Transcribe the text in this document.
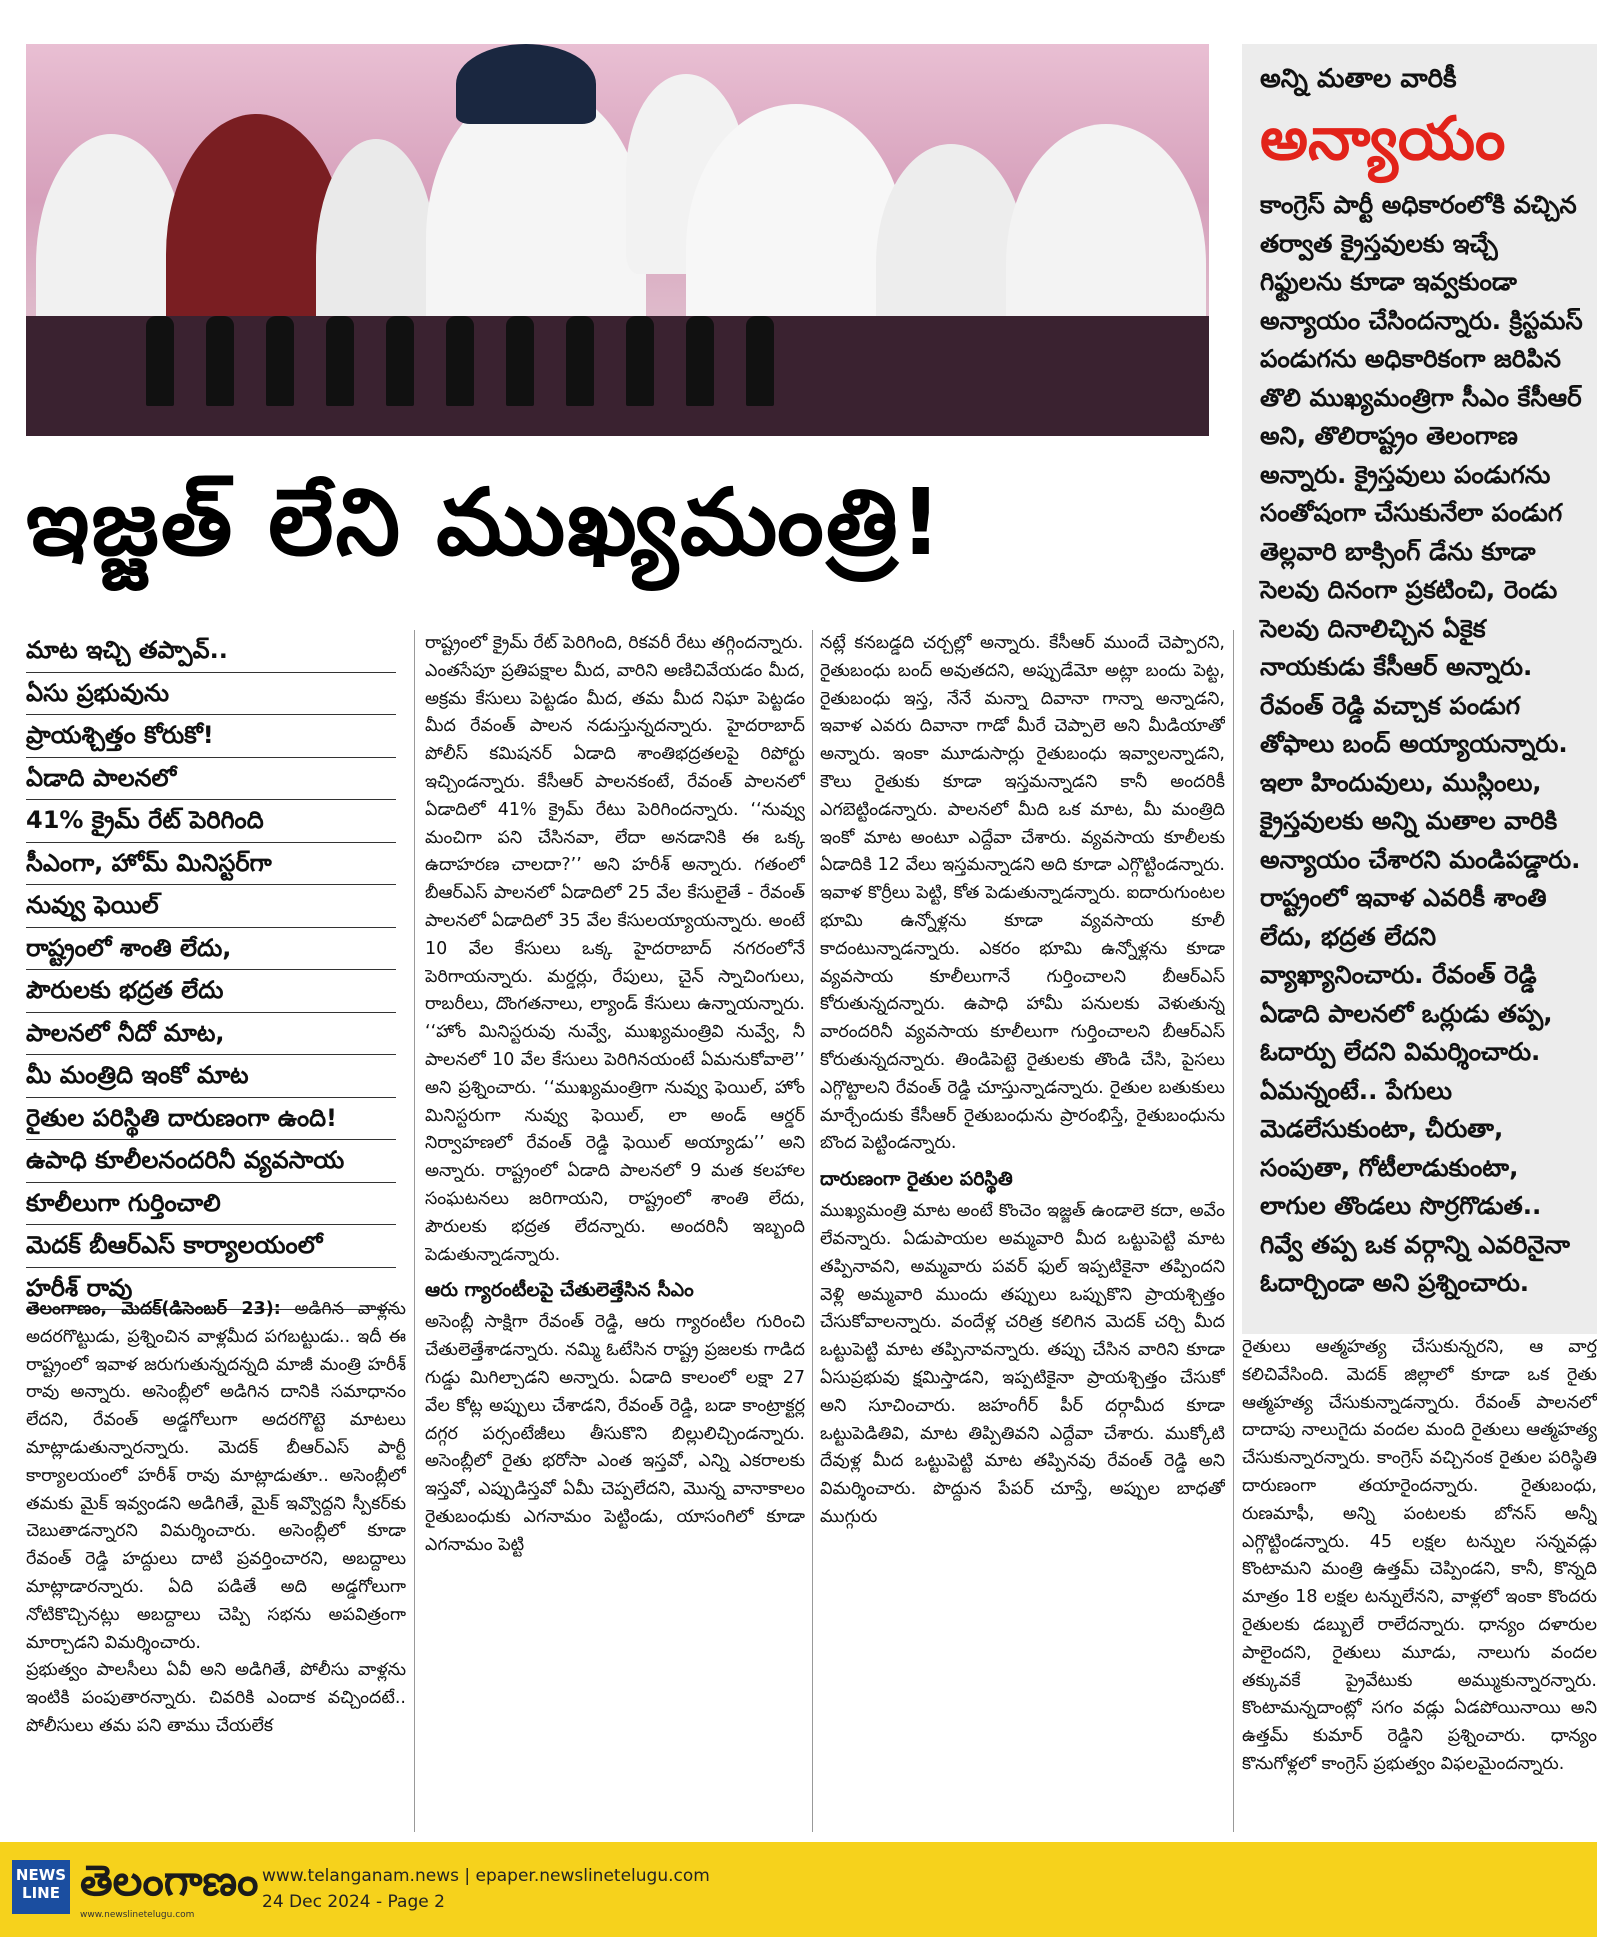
ఇజ్జత్ లేని ముఖ్యమంత్రి!
అన్ని మతాల వారికీ
అన్యాయం
కాంగ్రెస్ పార్టీ అధికారంలోకి వచ్చిన తర్వాత క్రైస్తవులకు ఇచ్చే గిఫ్టులను కూడా ఇవ్వకుండా అన్యాయం చేసిందన్నారు. క్రిస్టమస్ పండుగను అధికారికంగా జరిపిన తొలి ముఖ్యమంత్రిగా సీఎం కేసీఆర్ అని, తొలిరాష్ట్రం తెలంగాణ అన్నారు. క్రైస్తవులు పండుగను సంతోషంగా చేసుకునేలా పండుగ తెల్లవారి బాక్సింగ్ డేను కూడా సెలవు దినంగా ప్రకటించి, రెండు సెలవు దినాలిచ్చిన ఏకైక నాయకుడు కేసీఆర్ అన్నారు. రేవంత్ రెడ్డి వచ్చాక పండుగ తోఫాలు బంద్ అయ్యాయన్నారు. ఇలా హిందువులు, ముస్లింలు, క్రైస్తవులకు అన్ని మతాల వారికి అన్యాయం చేశారని మండిపడ్డారు. రాష్ట్రంలో ఇవాళ ఎవరికీ శాంతి లేదు, భద్రత లేదని వ్యాఖ్యానించారు. రేవంత్ రెడ్డి ఏడాది పాలనలో ఒర్లుడు తప్ప, ఓదార్పు లేదని విమర్శించారు. ఏమన్నంటే.. పేగులు మెడలేసుకుంటా, చీరుతా, సంపుతా, గోటీలాడుకుంటా, లాగుల తొండలు సొర్రగొడుత.. గివ్వే తప్ప ఒక వర్గాన్ని ఎవరినైనా ఓదార్చిండా అని ప్రశ్నించారు.
మాట ఇచ్చి తప్పావ్..
ఏసు ప్రభువును
ప్రాయశ్చిత్తం కోరుకో!
ఏడాది పాలనలో
41% క్రైమ్ రేట్ పెరిగింది
సీఎంగా, హోమ్ మినిస్టర్‌గా
నువ్వు ఫెయిల్
రాష్ట్రంలో శాంతి లేదు,
పౌరులకు భద్రత లేదు
పాలనలో నీదో మాట,
మీ మంత్రిది ఇంకో మాట
రైతుల పరిస్థితి దారుణంగా ఉంది!
ఉపాధి కూలీలనందరినీ వ్యవసాయ
కూలీలుగా గుర్తించాలి
మెదక్ బీఆర్ఎస్ కార్యాలయంలో
హరీశ్ రావు

తెలంగాణం, మెదక్(డిసెంబర్ 23): అడిగిన వాళ్లను అదరగొట్టుడు, ప్రశ్నించిన వాళ్లమీద పగబట్టుడు.. ఇదీ ఈ రాష్ట్రంలో ఇవాళ జరుగుతున్నదన్నది మాజీ మంత్రి హరీశ్ రావు అన్నారు. అసెంబ్లీలో అడిగిన దానికి సమాధానం లేదని, రేవంత్ అడ్డగోలుగా అదరగొట్టె మాటలు మాట్లాడుతున్నారన్నారు. మెదక్ బీఆర్ఎస్ పార్టీ కార్యాలయంలో హరీశ్ రావు మాట్లాడుతూ.. అసెంబ్లీలో తమకు మైక్ ఇవ్వండని అడిగితే, మైక్ ఇవ్వొద్దని స్పీకర్‌కు చెబుతాడన్నారని విమర్శించారు. అసెంబ్లీలో కూడా రేవంత్ రెడ్డి హద్దులు దాటి ప్రవర్తించారని, అబద్దాలు మాట్లాడారన్నారు. ఏది పడితే అది అడ్డగోలుగా నోటికొచ్చినట్లు అబద్దాలు చెప్పి సభను అపవిత్రంగా మార్చాడని విమర్శించారు.

ప్రభుత్వం పాలసీలు ఏవీ అని అడిగితే, పోలీసు వాళ్లను ఇంటికి పంపుతారన్నారు. చివరికి ఎందాక వచ్చిందటే.. పోలీసులు తమ పని తాము చేయలేక

రాష్ట్రంలో క్రైమ్ రేట్ పెరిగింది, రికవరీ రేటు తగ్గిందన్నారు.

ఎంతసేపూ ప్రతిపక్షాల మీద, వారిని అణిచివేయడం మీద, అక్రమ కేసులు పెట్టడం మీద, తమ మీద నిఘా పెట్టడం మీద రేవంత్ పాలన నడుస్తున్నదన్నారు. హైదరాబాద్ పోలీస్ కమిషనర్ ఏడాది శాంతిభద్రతలపై రిపోర్టు ఇచ్చిండన్నారు. కేసీఆర్ పాలనకంటే, రేవంత్ పాలనలో ఏడాదిలో 41% క్రైమ్ రేటు పెరిగిందన్నారు. ‘‘నువ్వు మంచిగా పని చేసినవా, లేదా అనడానికి ఈ ఒక్క ఉదాహరణ చాలదా?’’ అని హరీశ్ అన్నారు. గతంలో బీఆర్ఎస్ పాలనలో ఏడాదిలో 25 వేల కేసులైతే - రేవంత్ పాలనలో ఏడాదిలో 35 వేల కేసులయ్యాయన్నారు. అంటే 10 వేల కేసులు ఒక్క హైదరాబాద్ నగరంలోనే పెరిగాయన్నారు. మర్డర్లు, రేపులు, చైన్ స్నాచింగులు, రాబరీలు, దొంగతనాలు, ల్యాండ్ కేసులు ఉన్నాయన్నారు. ‘‘హోం మినిస్టరువు నువ్వే, ముఖ్యమంత్రివి నువ్వే, నీ పాలనలో 10 వేల కేసులు పెరిగినయంటే ఏమనుకోవాలె’’ అని ప్రశ్నించారు. ‘‘ముఖ్యమంత్రిగా నువ్వు ఫెయిల్, హోం మినిస్టరుగా నువ్వు ఫెయిల్, లా అండ్ ఆర్డర్ నిర్వాహణలో రేవంత్ రెడ్డి ఫెయిల్ అయ్యాడు’’ అని అన్నారు. రాష్ట్రంలో ఏడాది పాలనలో 9 మత కలహాల సంఘటనలు జరిగాయని, రాష్ట్రంలో శాంతి లేదు, పౌరులకు భద్రత లేదన్నారు. అందరినీ ఇబ్బంది పెడుతున్నాడన్నారు.

ఆరు గ్యారంటీలపై చేతులెత్తేసిన సీఎం

అసెంబ్లీ సాక్షిగా రేవంత్ రెడ్డి, ఆరు గ్యారంటీల గురించి చేతులెత్తేశాడన్నారు. నమ్మి ఓటేసిన రాష్ట్ర ప్రజలకు గాడిద గుడ్డు మిగిల్చాడని అన్నారు. ఏడాది కాలంలో లక్షా 27 వేల కోట్ల అప్పులు చేశాడని, రేవంత్ రెడ్డి, బడా కాంట్రాక్టర్ల దగ్గర పర్సంటేజీలు తీసుకొని బిల్లులిచ్చిండన్నారు. అసెంబ్లీలో రైతు భరోసా ఎంత ఇస్తవో, ఎన్ని ఎకరాలకు ఇస్తవో, ఎప్పుడిస్తవో ఏమీ చెప్పలేదని, మొన్న వానాకాలం రైతుబంధుకు ఎగనామం పెట్టిండు, యాసంగిలో కూడా ఎగనామం పెట్టి

నట్లే కనబడ్డది చర్చల్లో అన్నారు. కేసీఆర్ ముందే చెప్పారని, రైతుబంధు బంద్ అవుతదని, అప్పుడేమో అట్లా బందు పెట్ట, రైతుబంధు ఇస్త, నేనే మన్నా దివానా గాన్నా అన్నాడని, ఇవాళ ఎవరు దివానా గాడో మీరే చెప్పాలె అని మీడియాతో అన్నారు. ఇంకా మూడుసార్లు రైతుబంధు ఇవ్వాలన్నాడని, కౌలు రైతుకు కూడా ఇస్తమన్నాడని కానీ అందరికీ ఎగబెట్టిండన్నారు. పాలనలో మీది ఒక మాట, మీ మంత్రిది ఇంకో మాట అంటూ ఎద్దేవా చేశారు. వ్యవసాయ కూలీలకు ఏడాదికి 12 వేలు ఇస్తమన్నాడని అది కూడా ఎగ్గొట్టిండన్నారు. ఇవాళ కొర్రీలు పెట్టి, కోత పెడుతున్నాడన్నారు. ఐదారుగుంటల భూమి ఉన్నోళ్లను కూడా వ్యవసాయ కూలీ కాదంటున్నాడన్నారు. ఎకరం భూమి ఉన్నోళ్లను కూడా వ్యవసాయ కూలీలుగానే గుర్తించాలని బీఆర్ఎస్ కోరుతున్నదన్నారు. ఉపాధి హామీ పనులకు వెళుతున్న వారందరినీ వ్యవసాయ కూలీలుగా గుర్తించాలని బీఆర్ఎస్ కోరుతున్నదన్నారు. తిండిపెట్టె రైతులకు తొండి చేసి, పైసలు ఎగ్గొట్టాలని రేవంత్ రెడ్డి చూస్తున్నాడన్నారు. రైతుల బతుకులు మార్చేందుకు కేసీఆర్ రైతుబంధును ప్రారంభిస్తే, రైతుబంధును బొంద పెట్టిండన్నారు.

దారుణంగా రైతుల పరిస్థితి

ముఖ్యమంత్రి మాట అంటే కొంచెం ఇజ్జత్ ఉండాలె కదా, అవేం లేవన్నారు. ఏడుపాయల అమ్మవారి మీద ఒట్టుపెట్టి మాట తప్పినావని, అమ్మవారు పవర్ ఫుల్ ఇప్పటికైనా తప్పిందని వెళ్లి అమ్మవారి ముందు తప్పులు ఒప్పుకొని ప్రాయశ్చిత్తం చేసుకోవాలన్నారు. వందేళ్ల చరిత్ర కలిగిన మెదక్ చర్చి మీద ఒట్టుపెట్టి మాట తప్పినావన్నారు. తప్పు చేసిన వారిని కూడా ఏసుప్రభువు క్షమిస్తాడని, ఇప్పటికైనా ప్రాయశ్చిత్తం చేసుకో అని సూచించారు. జహంగీర్ పీర్ దర్గామీద కూడా ఒట్టుపెడితివి, మాట తిప్పితివని ఎద్దేవా చేశారు. ముక్కోటి దేవుళ్ల మీద ఒట్టుపెట్టి మాట తప్పినవు రేవంత్ రెడ్డి అని విమర్శించారు. పొద్దున పేపర్ చూస్తే, అప్పుల బాధతో ముగ్గురు

రైతులు ఆత్మహత్య చేసుకున్నరని, ఆ వార్త కలిచివేసింది. మెదక్ జిల్లాలో కూడా ఒక రైతు ఆత్మహత్య చేసుకున్నాడన్నారు. రేవంత్ పాలనలో దాదాపు నాలుగైదు వందల మంది రైతులు ఆత్మహత్య చేసుకున్నారన్నారు. కాంగ్రెస్ వచ్చినంక రైతుల పరిస్థితి దారుణంగా తయారైందన్నారు. రైతుబంధు, రుణమాఫీ, అన్ని పంటలకు బోనస్ అన్నీ ఎగ్గొట్టిండన్నారు. 45 లక్షల టన్నుల సన్నవడ్లు కొంటామని మంత్రి ఉత్తమ్ చెప్పిండని, కానీ, కొన్నది మాత్రం 18 లక్షల టన్నులేనని, వాళ్లలో ఇంకా కొందరు రైతులకు డబ్బులే రాలేదన్నారు. ధాన్యం దళారుల పాలైందని, రైతులు మూడు, నాలుగు వందల తక్కువకే ప్రైవేటుకు అమ్ముకున్నారన్నారు. కొంటామన్నదాంట్లో సగం వడ్లు ఏడపోయినాయి అని ఉత్తమ్ కుమార్ రెడ్డిని ప్రశ్నించారు. ధాన్యం కొనుగోళ్లలో కాంగ్రెస్ ప్రభుత్వం విఫలమైందన్నారు.

NEWS LINE తెలంగాణం
www.newslinetelugu.com
www.telanganam.news | epaper.newslinetelugu.com
24 Dec 2024 - Page 2
